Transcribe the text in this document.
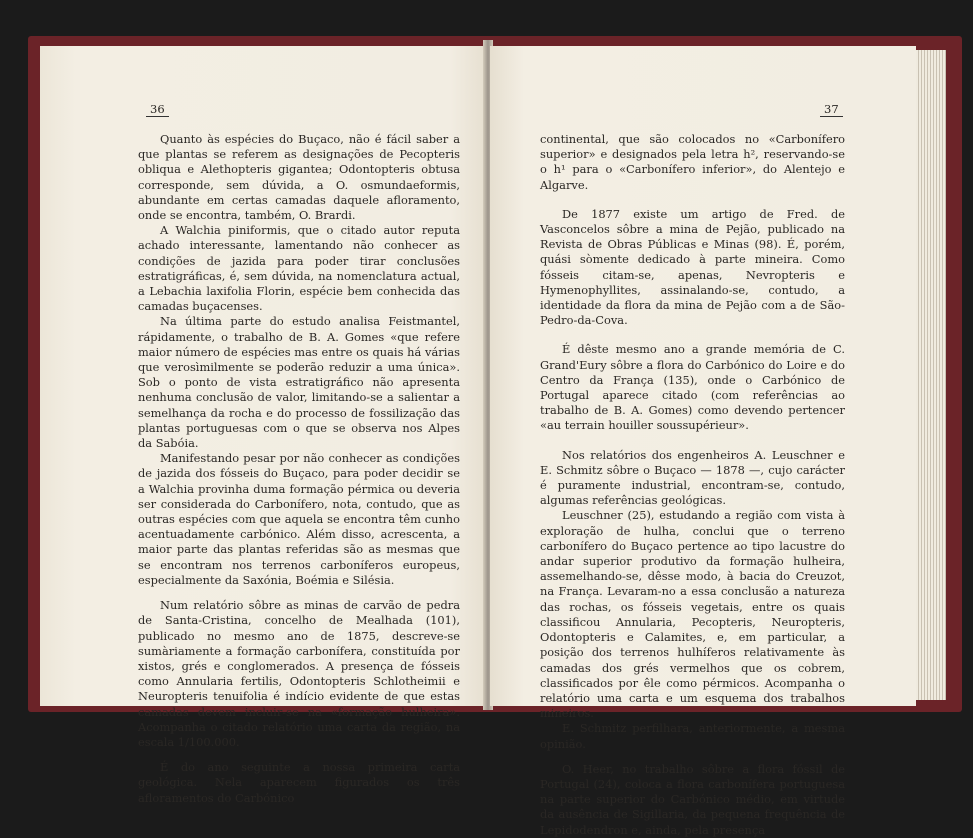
36

Quanto às espécies do Buçaco, não é fácil saber a que plantas se referem as designações de Pecopteris obliqua e Alethopteris gigantea; Odontopteris obtusa corresponde, sem dúvida, a O. osmundaeformis, abundante em certas camadas daquele afloramento, onde se encontra, também, O. Brardi.

A Walchia piniformis, que o citado autor reputa achado interessante, lamentando não conhecer as condições de jazida para poder tirar conclusões estratigráficas, é, sem dúvida, na nomenclatura actual, a Lebachia laxifolia Florin, espécie bem conhecida das camadas buçacenses.

Na última parte do estudo analisa Feistmantel, rápidamente, o trabalho de B. A. Gomes «que refere maior número de espécies mas entre os quais há várias que verosìmilmente se poderão reduzir a uma única». Sob o ponto de vista estratigráfico não apresenta nenhuma conclusão de valor, limitando-se a salientar a semelhança da rocha e do processo de fossilização das plantas portuguesas com o que se observa nos Alpes da Sabóia.

Manifestando pesar por não conhecer as condições de jazida dos fósseis do Buçaco, para poder decidir se a Walchia provinha duma formação pérmica ou deveria ser considerada do Carbonífero, nota, contudo, que as outras espécies com que aquela se encontra têm cunho acentuadamente carbónico. Além disso, acrescenta, a maior parte das plantas referidas são as mesmas que se encontram nos terrenos carboníferos europeus, especialmente da Saxónia, Boémia e Silésia.

Num relatório sôbre as minas de carvão de pedra de Santa-Cristina, concelho de Mealhada (101), publicado no mesmo ano de 1875, descreve-se sumàriamente a formação carbonífera, constituída por xistos, grés e conglomerados. A presença de fósseis como Annularia fertilis, Odontopteris Schlotheimii e Neuropteris tenuifolia é indício evidente de que estas camadas devem incluir-se na «formação hulheira». Acompanha o citado relatório uma carta da região, na escala 1/100.000.

É do ano seguinte a nossa primeira carta geológica. Nela aparecem figurados os três afloramentos do Carbónico

37

continental, que são colocados no «Carbonífero superior» e designados pela letra h², reservando-se o h¹ para o «Carbonífero inferior», do Alentejo e Algarve.

De 1877 existe um artigo de Fred. de Vasconcelos sôbre a mina de Pejão, publicado na Revista de Obras Públicas e Minas (98). É, porém, quási sòmente dedicado à parte mineira. Como fósseis citam-se, apenas, Nevropteris e Hymenophyllites, assinalando-se, contudo, a identidade da flora da mina de Pejão com a de São-Pedro-da-Cova.

É dêste mesmo ano a grande memória de C. Grand'Eury sôbre a flora do Carbónico do Loire e do Centro da França (135), onde o Carbónico de Portugal aparece citado (com referências ao trabalho de B. A. Gomes) como devendo pertencer «au terrain houiller soussupérieur».

Nos relatórios dos engenheiros A. Leuschner e E. Schmitz sôbre o Buçaco — 1878 —, cujo carácter é puramente industrial, encontram-se, contudo, algumas referências geológicas.

Leuschner (25), estudando a região com vista à exploração de hulha, conclui que o terreno carbonífero do Buçaco pertence ao tipo lacustre do andar superior produtivo da formação hulheira, assemelhando-se, dêsse modo, à bacia do Creuzot, na França. Levaram-no a essa conclusão a natureza das rochas, os fósseis vegetais, entre os quais classificou Annularia, Pecopteris, Neuropteris, Odontopteris e Calamites, e, em particular, a posição dos terrenos hulhíferos relativamente às camadas dos grés vermelhos que os cobrem, classificados por êle como pérmicos. Acompanha o relatório uma carta e um esquema dos trabalhos mineiros.

E. Schmitz perfilhara, anteriormente, a mesma opinião.

O. Heer, no trabalho sôbre a flora fóssil de Portugal (24), coloca a flora carbonífera portuguesa na parte superior do Carbónico médio, em virtude da ausência de Sigillaria, da pequena frequência de Lepidodendron e, ainda, pela presença
